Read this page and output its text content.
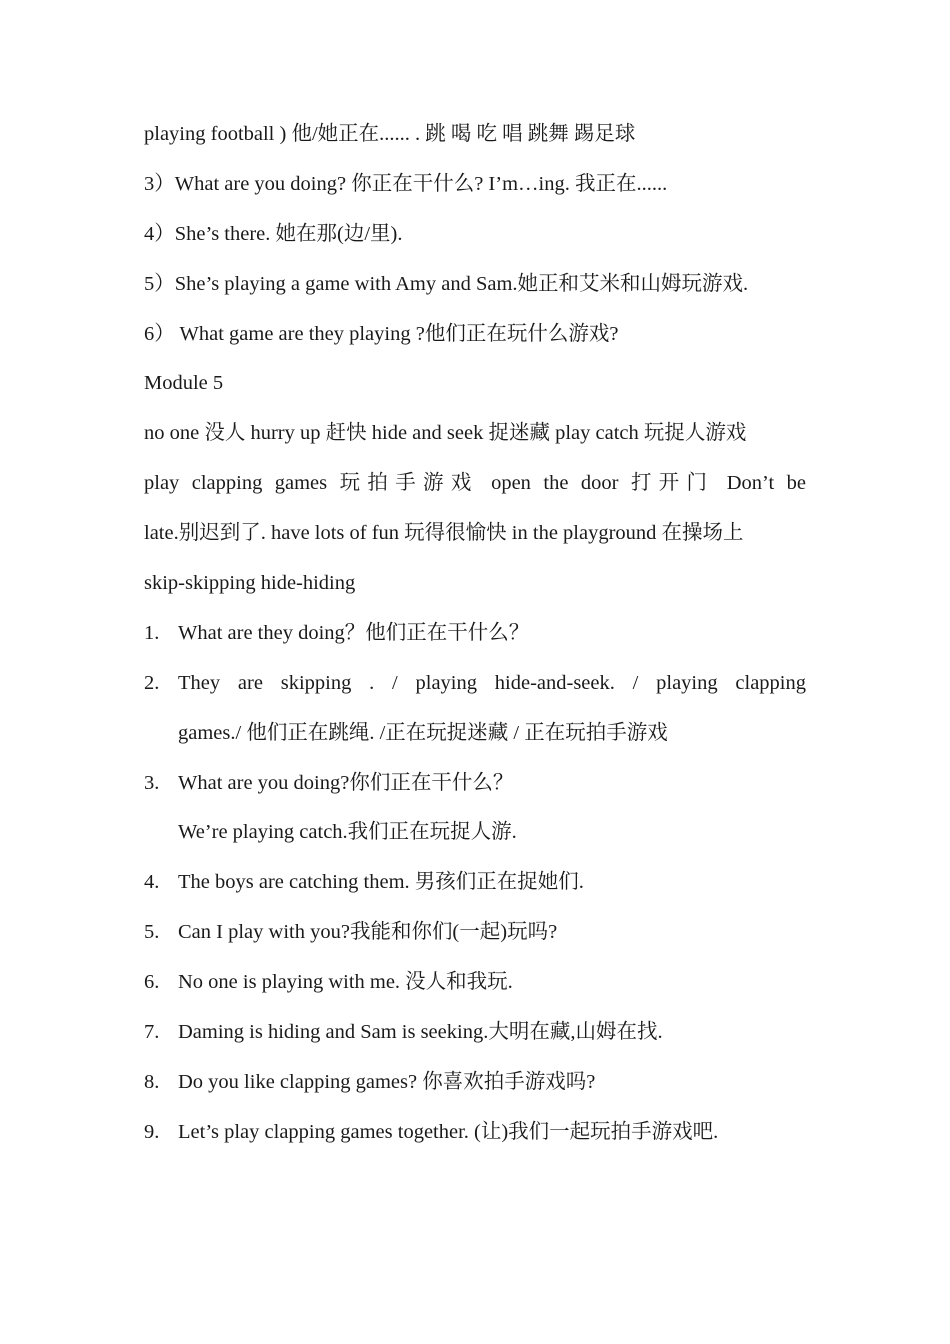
playing football ) 他/她正在...... . 跳 喝 吃 唱 跳舞 踢足球
3）What are you doing? 你正在干什么? I’m…ing. 我正在......
4）She’s there. 她在那(边/里).
5）She’s playing a game with Amy and Sam.她正和艾米和山姆玩游戏.
6） What game are they playing ?他们正在玩什么游戏?
Module 5
no one 没人 hurry up 赶快 hide and seek 捉迷藏 play catch 玩捉人游戏
play clapping games 玩拍手游戏 open the door 打开门 Don’t be
late.别迟到了. have lots of fun 玩得很愉快 in the playground 在操场上
skip-skipping hide-hiding
1. What are they doing？他们正在干什么？
2. They are skipping . / playing hide-and-seek. / playing clapping
games./ 他们正在跳绳. /正在玩捉迷藏 / 正在玩拍手游戏
3. What are you doing?你们正在干什么？
We’re playing catch.我们正在玩捉人游.
4. The boys are catching them. 男孩们正在捉她们.
5. Can I play with you?我能和你们(一起)玩吗?
6. No one is playing with me. 没人和我玩.
7. Daming is hiding and Sam is seeking.大明在藏,山姆在找.
8. Do you like clapping games? 你喜欢拍手游戏吗?
9. Let’s play clapping games together. (让)我们一起玩拍手游戏吧.
